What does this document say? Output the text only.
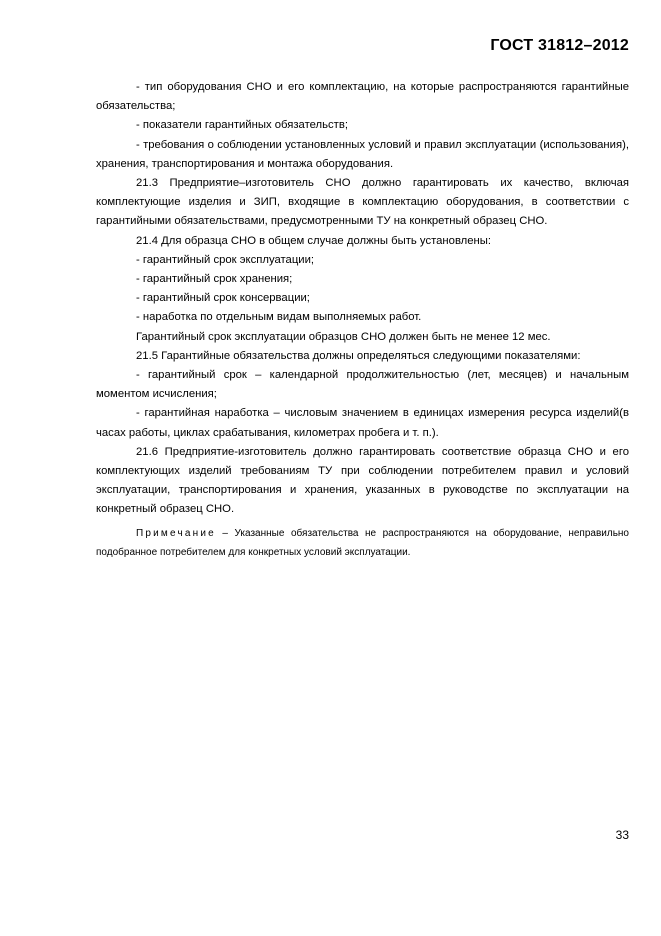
ГОСТ 31812–2012

- тип оборудования СНО и его комплектацию, на которые распространяются гарантийные обязательства;

- показатели гарантийных обязательств;

- требования о соблюдении установленных условий и правил эксплуатации (использования), хранения, транспортирования и монтажа оборудования.

21.3 Предприятие–изготовитель СНО должно гарантировать их качество, включая комплектующие изделия и ЗИП, входящие в комплектацию оборудования, в соответствии с гарантийными обязательствами, предусмотренными ТУ на конкретный образец СНО.

21.4 Для образца СНО в общем случае должны быть установлены:

- гарантийный срок эксплуатации;

- гарантийный срок хранения;

- гарантийный срок консервации;

- наработка по отдельным видам выполняемых работ.

Гарантийный срок эксплуатации образцов СНО должен быть не менее 12 мес.

21.5 Гарантийные обязательства должны определяться следующими показателями:

- гарантийный срок – календарной продолжительностью (лет, месяцев) и начальным моментом исчисления;

- гарантийная наработка – числовым значением в единицах измерения ресурса изделий(в часах работы, циклах срабатывания, километрах пробега и т. п.).

21.6 Предприятие-изготовитель должно гарантировать соответствие образца СНО и его комплектующих изделий требованиям ТУ при соблюдении потребителем правил и условий эксплуатации, транспортирования и хранения, указанных в руководстве по эксплуатации на конкретный образец СНО.

Примечание – Указанные обязательства не распространяются на оборудование, неправильно подобранное потребителем для конкретных условий эксплуатации.

33
